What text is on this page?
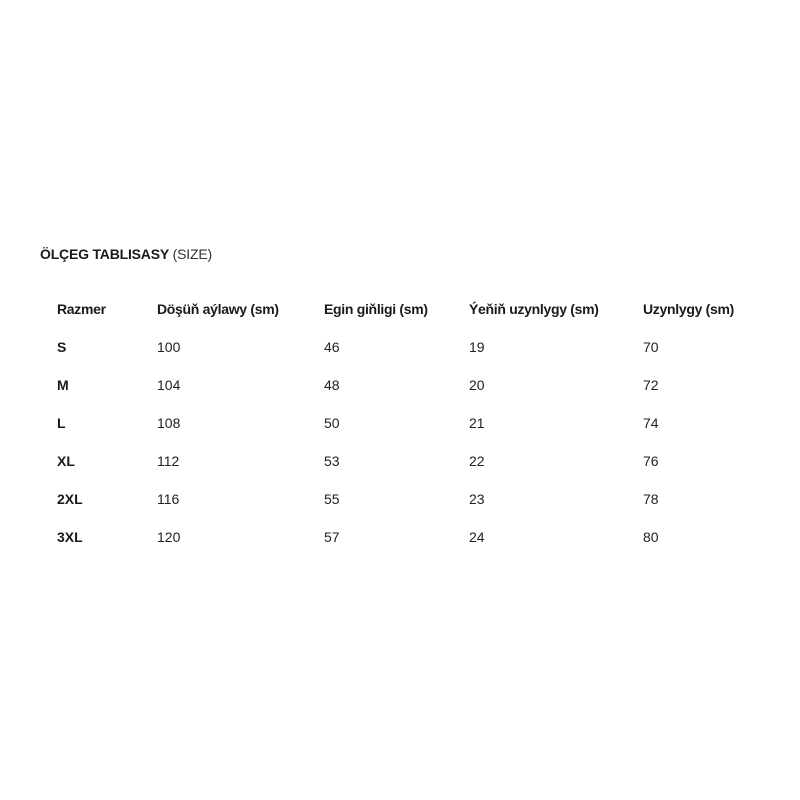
ÖLÇEG TABLISASY (SIZE)
Razmer	Döşüň aýlawy (sm)	Egin giňligi (sm)	Ýeňiň uzynlygy (sm)	Uzynlygy (sm)
S	100	46	19	70
M	104	48	20	72
L	108	50	21	74
XL	112	53	22	76
2XL	116	55	23	78
3XL	120	57	24	80
